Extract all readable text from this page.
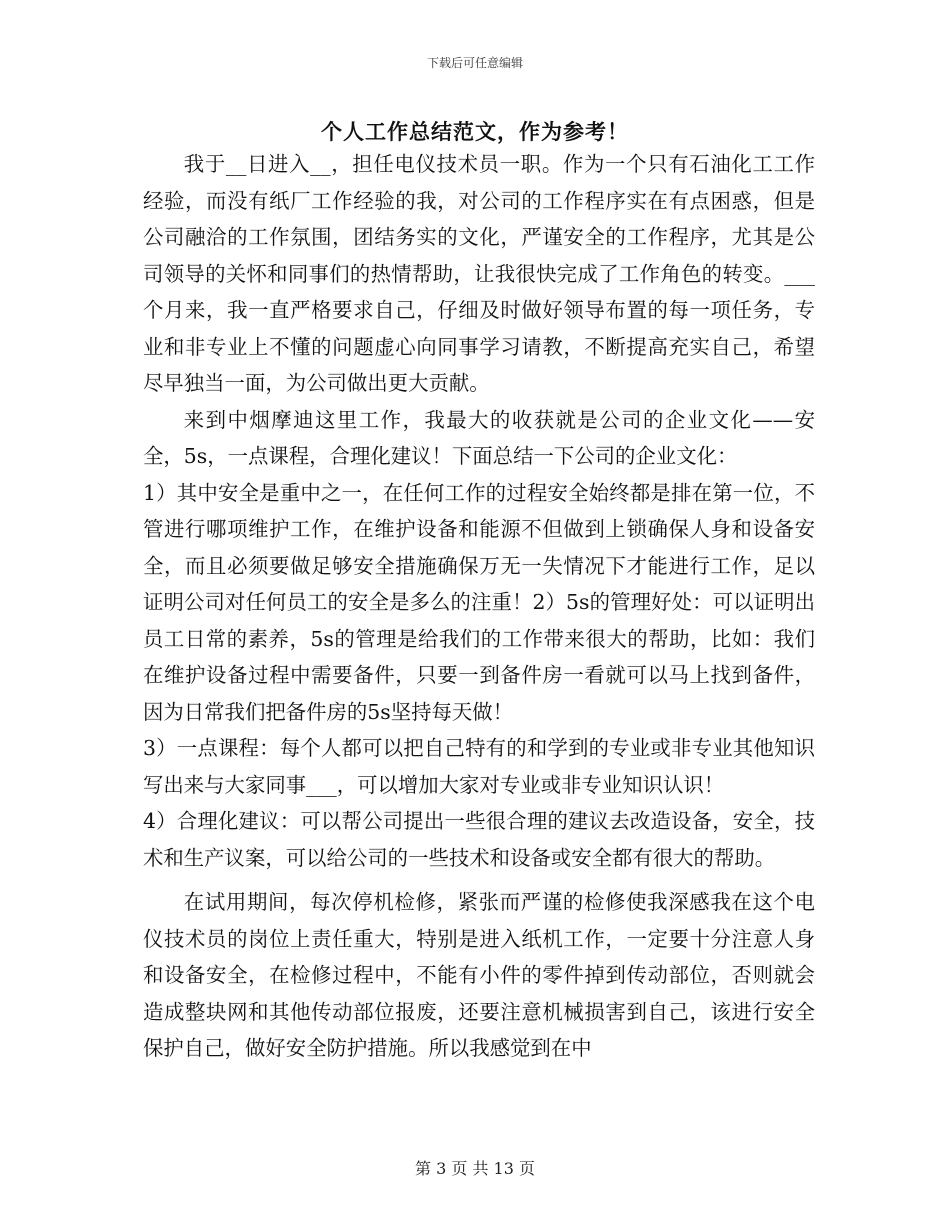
下载后可任意编辑
个人工作总结范文，作为参考！

我于__日进入__，担任电仪技术员一职。作为一个只有石油化工工作经验，而没有纸厂工作经验的我，对公司的工作程序实在有点困惑，但是公司融洽的工作氛围，团结务实的文化，严谨安全的工作程序，尤其是公司领导的关怀和同事们的热情帮助，让我很快完成了工作角色的转变。___个月来，我一直严格要求自己，仔细及时做好领导布置的每一项任务，专业和非专业上不懂的问题虚心向同事学习请教，不断提高充实自己，希望尽早独当一面，为公司做出更大贡献。

来到中烟摩迪这里工作，我最大的收获就是公司的企业文化——安全，5s，一点课程，合理化建议！下面总结一下公司的企业文化：

1）其中安全是重中之一，在任何工作的过程安全始终都是排在第一位，不管进行哪项维护工作，在维护设备和能源不但做到上锁确保人身和设备安全，而且必须要做足够安全措施确保万无一失情况下才能进行工作，足以证明公司对任何员工的安全是多么的注重！2）5s的管理好处：可以证明出员工日常的素养，5s的管理是给我们的工作带来很大的帮助，比如：我们在维护设备过程中需要备件，只要一到备件房一看就可以马上找到备件，因为日常我们把备件房的5s坚持每天做！

3）一点课程：每个人都可以把自己特有的和学到的专业或非专业其他知识写出来与大家同事___，可以增加大家对专业或非专业知识认识！

4）合理化建议：可以帮公司提出一些很合理的建议去改造设备，安全，技术和生产议案，可以给公司的一些技术和设备或安全都有很大的帮助。

在试用期间，每次停机检修，紧张而严谨的检修使我深感我在这个电仪技术员的岗位上责任重大，特别是进入纸机工作，一定要十分注意人身和设备安全，在检修过程中，不能有小件的零件掉到传动部位，否则就会造成整块网和其他传动部位报废，还要注意机械损害到自己，该进行安全保护自己，做好安全防护措施。所以我感觉到在中

第 3 页 共 13 页
